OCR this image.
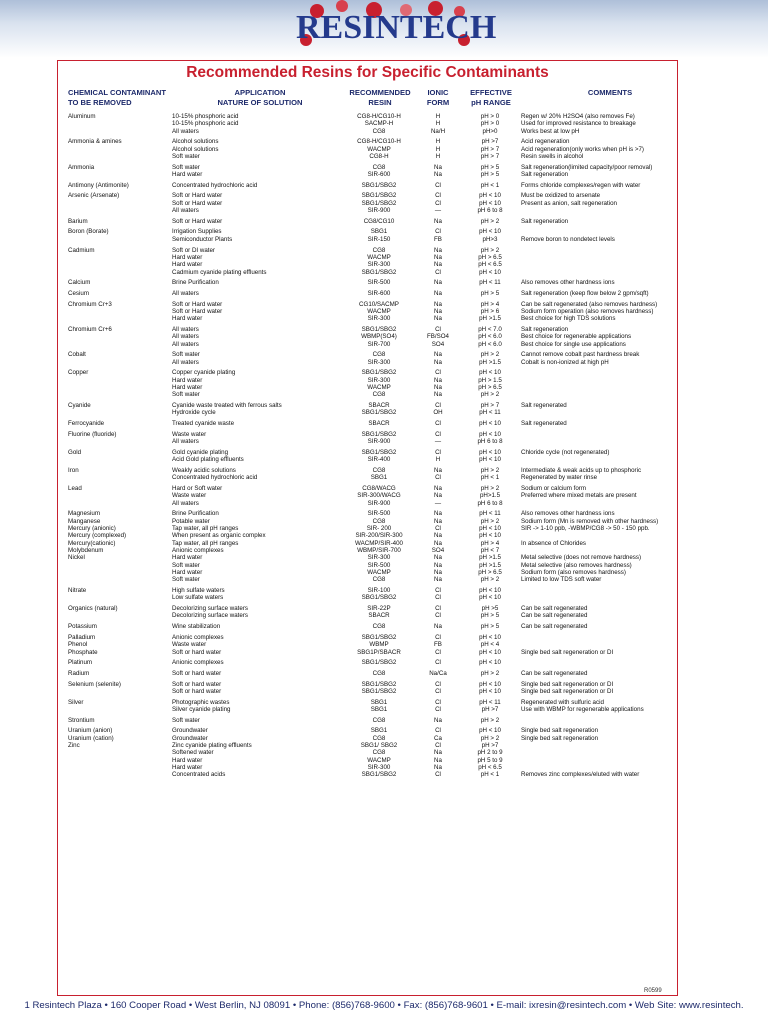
RESINTECH
Recommended Resins for Specific Contaminants
CHEMICAL CONTAMINANT
TO BE REMOVED
APPLICATION
NATURE OF SOLUTION
RECOMMENDED
RESIN
IONIC
FORM
EFFECTIVE
pH RANGE
COMMENTS
Aluminum	10-15% phosphoric acid	CG8-H/CG10-H	H	pH > 0	Regen w/ 20% H2SO4 (also removes Fe)
10-15% phosphoric acid	SACMP-H	H	pH > 0	Used for improved resistance to breakage
All waters	CG8	Na/H	pH>0	Works best at low pH
Ammonia & amines	Alcohol solutions	CG8-H/CG10-H	H	pH >7	Acid regeneration
Alcohol solutions	WACMP	H	pH > 7	Acid regeneration(only works when pH is >7)
Soft water	CG8-H	H	pH > 7	Resin swells in alcohol
Ammonia	Soft water	CG8	Na	pH > 5	Salt regeneration(limited capacity/poor removal)
Hard water	SIR-600	Na	pH > 5	Salt regeneration
Antimony (Antimonite)	Concentrated hydrochloric acid	SBG1/SBG2	Cl	pH < 1	Forms chloride complexes/regen with water
Arsenic (Arsenate)	Soft or Hard water	SBG1/SBG2	Cl	pH < 10	Must be oxidized to arsenate
Soft or Hard water	SBG1/SBG2	Cl	pH < 10	Present as anion, salt regeneration
All waters	SIR-900	—	pH 6 to 8
Barium	Soft or Hard water	CG8/CG10	Na	pH > 2	Salt regeneration
Boron (Borate)	Irrigation Supplies	SBG1	Cl	pH < 10
Semiconductor Plants	SIR-150	FB	pH>3	Remove boron to nondetect levels
Cadmium	Soft or DI water	CG8	Na	pH > 2
Hard water	WACMP	Na	pH > 6.5
Hard water	SIR-300	Na	pH < 6.5
Cadmium cyanide plating effluents	SBG1/SBG2	Cl	pH < 10
Calcium	Brine Purification	SIR-500	Na	pH < 11	Also removes other hardness ions
Cesium	All waters	SIR-600	Na	pH > 5	Salt regeneration (keep flow below 2 gpm/sqft)
Chromium Cr+3	Soft or Hard water	CG10/SACMP	Na	pH > 4	Can be salt regenerated (also removes hardness)
Soft or Hard water	WACMP	Na	pH > 6	Sodium form operation (also removes hardness)
Hard water	SIR-300	Na	pH >1.5	Best choice for high TDS solutions
Chromium Cr+6	All waters	SBG1/SBG2	Cl	pH < 7.0	Salt regeneration
All waters	WBMP(SO4)	FB/SO4	pH < 6.0	Best choice for regenerable applications
All waters	SIR-700	SO4	pH < 6.0	Best choice for single use applications
Cobalt	Soft water	CG8	Na	pH > 2	Cannot remove cobalt past hardness break
All waters	SIR-300	Na	pH >1.5	Cobalt is non-ionized at high pH
Copper	Copper cyanide plating	SBG1/SBG2	Cl	pH < 10
Hard water	SIR-300	Na	pH > 1.5
Hard water	WACMP	Na	pH > 6.5
Soft water	CG8	Na	pH > 2
Cyanide	Cyanide waste treated with ferrous salts	SBACR	Cl	pH > 7	Salt regenerated
Hydroxide cycle	SBG1/SBG2	OH	pH < 11
Ferrocyanide	Treated cyanide waste	SBACR	Cl	pH < 10	Salt regenerated
Fluorine (fluoride)	Waste water	SBG1/SBG2	Cl	pH < 10
All waters	SIR-900	—	pH 6 to 8
Gold	Gold cyanide plating	SBG1/SBG2	Cl	pH < 10	Chloride cycle (not regenerated)
Acid Gold plating effluents	SIR-400	H	pH < 10
Iron	Weakly acidic solutions	CG8	Na	pH > 2	Intermediate & weak acids up to phosphoric
Concentrated hydrochloric acid	SBG1	Cl	pH < 1	Regenerated by water rinse
Lead	Hard or Soft water	CG8/WACG	Na	pH > 2	Sodium or calcium form
Waste water	SIR-300/WACG	Na	pH>1.5	Preferred where mixed metals are present
All waters	SIR-900	—	pH 6 to 8
Magnesium	Brine Purification	SIR-500	Na	pH < 11	Also removes other hardness ions
Manganese	Potable water	CG8	Na	pH > 2	Sodium form (Mn is removed with other hardness)
Mercury (anionic)	Tap water, all pH ranges	SIR- 200	Cl	pH < 10	SIR -> 1-10 ppb, -WBMP/CG8 -> 50 - 150 ppb.
Mercury (complexed)	When present as organic complex	SIR-200/SIR-300	Na	pH < 10
Mercury(cationic)	Tap water, all pH ranges	WACMP/SIR-400	Na	pH > 4	In absence of Chlorides
Molybdenum	Anionic complexes	WBMP/SIR-700	SO4	pH < 7
Nickel	Hard water	SIR-300	Na	pH >1.5	Metal selective (does not remove hardness)
Soft water	SIR-500	Na	pH >1.5	Metal selective (also removes hardness)
Hard water	WACMP	Na	pH > 6.5	Sodium form (also removes hardness)
Soft water	CG8	Na	pH > 2	Limited to low TDS soft water
Nitrate	High sulfate waters	SIR-100	Cl	pH < 10
Low sulfate waters	SBG1/SBG2	Cl	pH < 10
Organics (natural)	Decolorizing surface waters	SIR-22P	Cl	pH >5	Can be salt regenerated
Decolorizing surface waters	SBACR	Cl	pH > 5	Can be salt regenerated
Potassium	Wine stabilization	CG8	Na	pH > 5	Can be salt regenerated
Palladium	Anionic complexes	SBG1/SBG2	Cl	pH < 10
Phenol	Waste water	WBMP	FB	pH < 4
Phosphate	Soft or hard water	SBG1P/SBACR	Cl	pH < 10	Single bed salt regeneration or DI
Platinum	Anionic complexes	SBG1/SBG2	Cl	pH < 10
Radium	Soft or hard water	CG8	Na/Ca	pH > 2	Can be salt regenerated
Selenium (selenite)	Soft or hard water	SBG1/SBG2	Cl	pH < 10	Single bed salt regeneration or DI
Soft or hard water	SBG1/SBG2	Cl	pH < 10	Single bed salt regeneration or DI
Silver	Photographic wastes	SBG1	Cl	pH < 11	Regenerated with sulfuric acid
Silver cyanide plating	SBG1	Cl	pH >7	Use with WBMP for regenerable applications
Strontium	Soft water	CG8	Na	pH > 2
Uranium (anion)	Groundwater	SBG1	Cl	pH < 10	Single bed salt regeneration
Uranium (cation)	Groundwater	CG8	Ca	pH > 2	Single bed salt regeneration
Zinc	Zinc cyanide plating effluents	SBG1/ SBG2	Cl	pH >7
Softened water	CG8	Na	pH 2 to 9
Hard water	WACMP	Na	pH 5 to 9
Hard water	SIR-300	Na	pH < 6.5
Concentrated acids	SBG1/SBG2	Cl	pH < 1	Removes zinc complexes/eluted with water
R0599
1 Resintech Plaza • 160 Cooper Road • West Berlin, NJ 08091 • Phone: (856)768-9600 • Fax: (856)768-9601 • E-mail: ixresin@resintech.com • Web Site: www.resintech.
